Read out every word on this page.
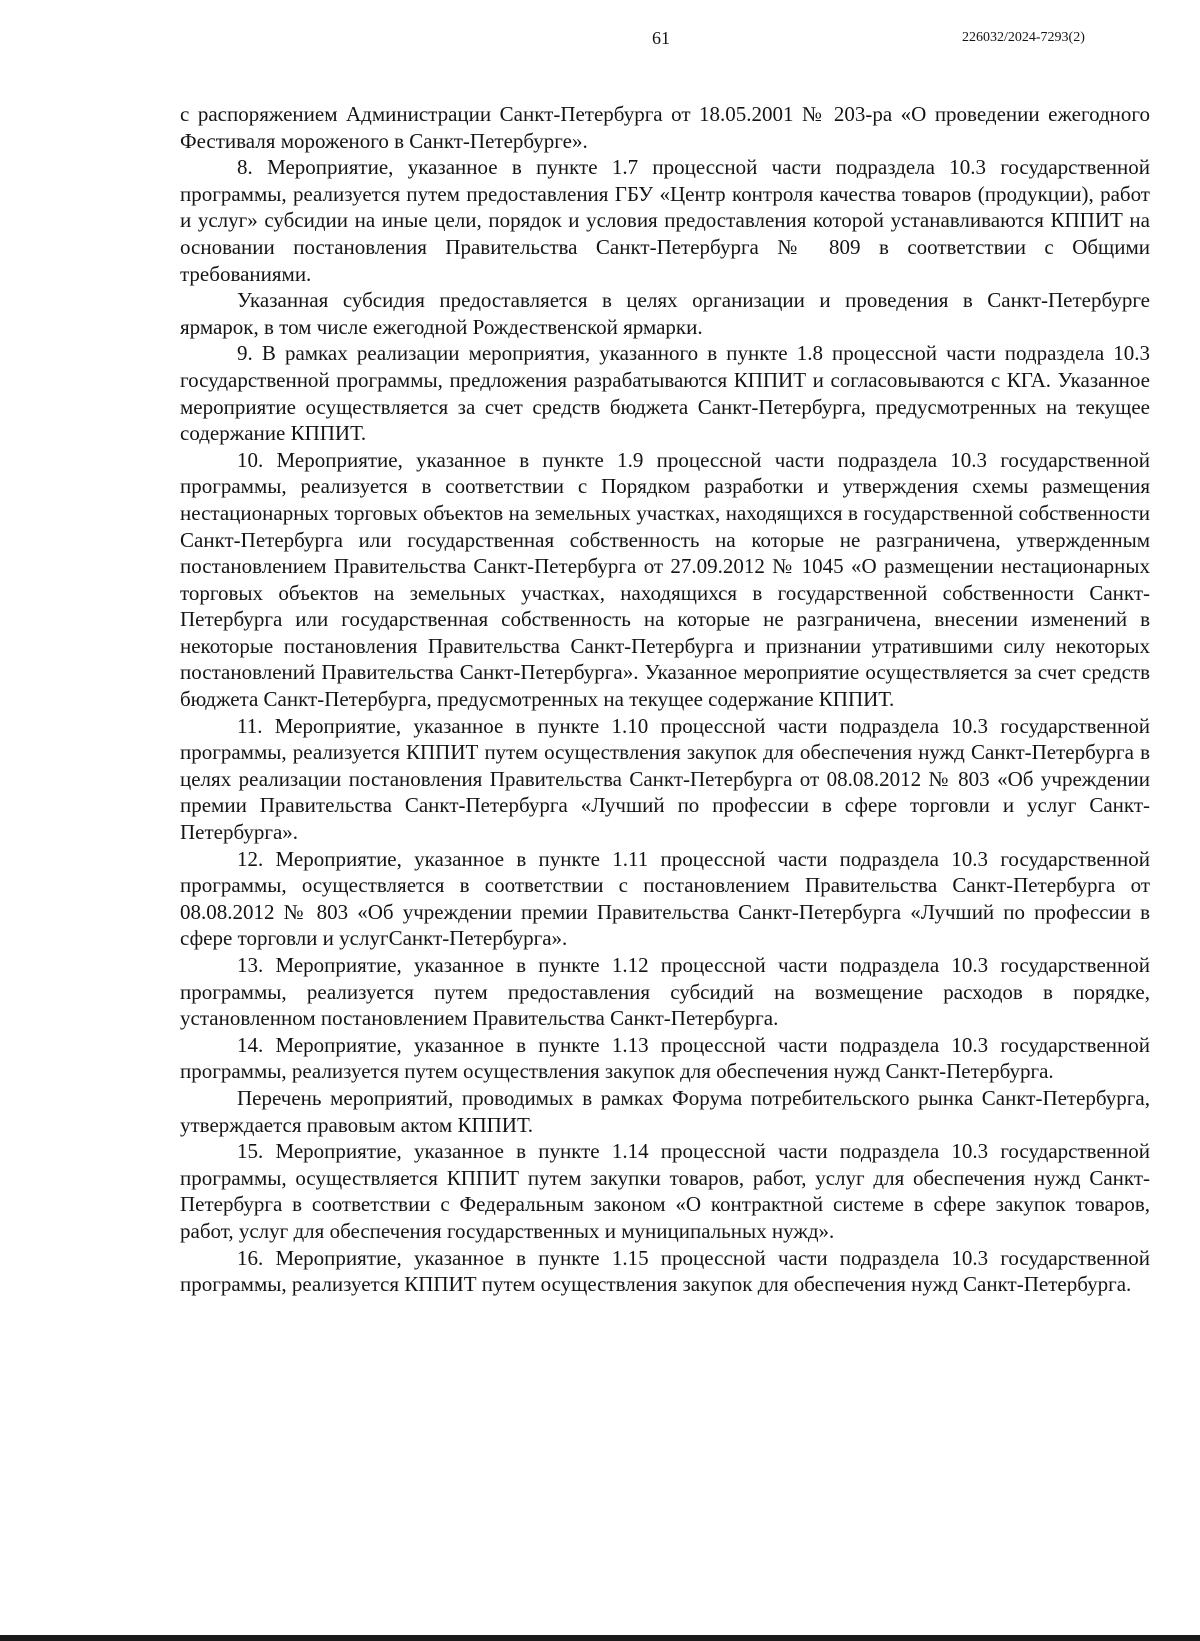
61	226032/2024-7293(2)

с распоряжением Администрации Санкт-Петербурга от 18.05.2001 № 203-ра «О проведении ежегодного Фестиваля мороженого в Санкт-Петербурге».

8. Мероприятие, указанное в пункте 1.7 процессной части подраздела 10.3 государственной программы, реализуется путем предоставления ГБУ «Центр контроля качества товаров (продукции), работ и услуг» субсидии на иные цели, порядок и условия предоставления которой устанавливаются КППИТ на основании постановления Правительства Санкт-Петербурга № 809 в соответствии с Общими требованиями.

Указанная субсидия предоставляется в целях организации и проведения в Санкт-Петербурге ярмарок, в том числе ежегодной Рождественской ярмарки.

9. В рамках реализации мероприятия, указанного в пункте 1.8 процессной части подраздела 10.3 государственной программы, предложения разрабатываются КППИТ и согласовываются с КГА. Указанное мероприятие осуществляется за счет средств бюджета Санкт-Петербурга, предусмотренных на текущее содержание КППИТ.

10. Мероприятие, указанное в пункте 1.9 процессной части подраздела 10.3 государственной программы, реализуется в соответствии с Порядком разработки и утверждения схемы размещения нестационарных торговых объектов на земельных участках, находящихся в государственной собственности Санкт-Петербурга или государственная собственность на которые не разграничена, утвержденным постановлением Правительства Санкт-Петербурга от 27.09.2012 № 1045 «О размещении нестационарных торговых объектов на земельных участках, находящихся в государственной собственности Санкт-Петербурга или государственная собственность на которые не разграничена, внесении изменений в некоторые постановления Правительства Санкт-Петербурга и признании утратившими силу некоторых постановлений Правительства Санкт-Петербурга». Указанное мероприятие осуществляется за счет средств бюджета Санкт-Петербурга, предусмотренных на текущее содержание КППИТ.

11. Мероприятие, указанное в пункте 1.10 процессной части подраздела 10.3 государственной программы, реализуется КППИТ путем осуществления закупок для обеспечения нужд Санкт-Петербурга в целях реализации постановления Правительства Санкт-Петербурга от 08.08.2012 № 803 «Об учреждении премии Правительства Санкт-Петербурга «Лучший по профессии в сфере торговли и услуг Санкт-Петербурга».

12. Мероприятие, указанное в пункте 1.11 процессной части подраздела 10.3 государственной программы, осуществляется в соответствии с постановлением Правительства Санкт-Петербурга от 08.08.2012 № 803 «Об учреждении премии Правительства Санкт-Петербурга «Лучший по профессии в сфере торговли и услугСанкт-Петербурга».

13. Мероприятие, указанное в пункте 1.12 процессной части подраздела 10.3 государственной программы, реализуется путем предоставления субсидий на возмещение расходов в порядке, установленном постановлением Правительства Санкт-Петербурга.

14. Мероприятие, указанное в пункте 1.13 процессной части подраздела 10.3 государственной программы, реализуется путем осуществления закупок для обеспечения нужд Санкт-Петербурга.

Перечень мероприятий, проводимых в рамках Форума потребительского рынка Санкт-Петербурга, утверждается правовым актом КППИТ.

15. Мероприятие, указанное в пункте 1.14 процессной части подраздела 10.3 государственной программы, осуществляется КППИТ путем закупки товаров, работ, услуг для обеспечения нужд Санкт-Петербурга в соответствии с Федеральным законом «О контрактной системе в сфере закупок товаров, работ, услуг для обеспечения государственных и муниципальных нужд».

16. Мероприятие, указанное в пункте 1.15 процессной части подраздела 10.3 государственной программы, реализуется КППИТ путем осуществления закупок для обеспечения нужд Санкт-Петербурга.
